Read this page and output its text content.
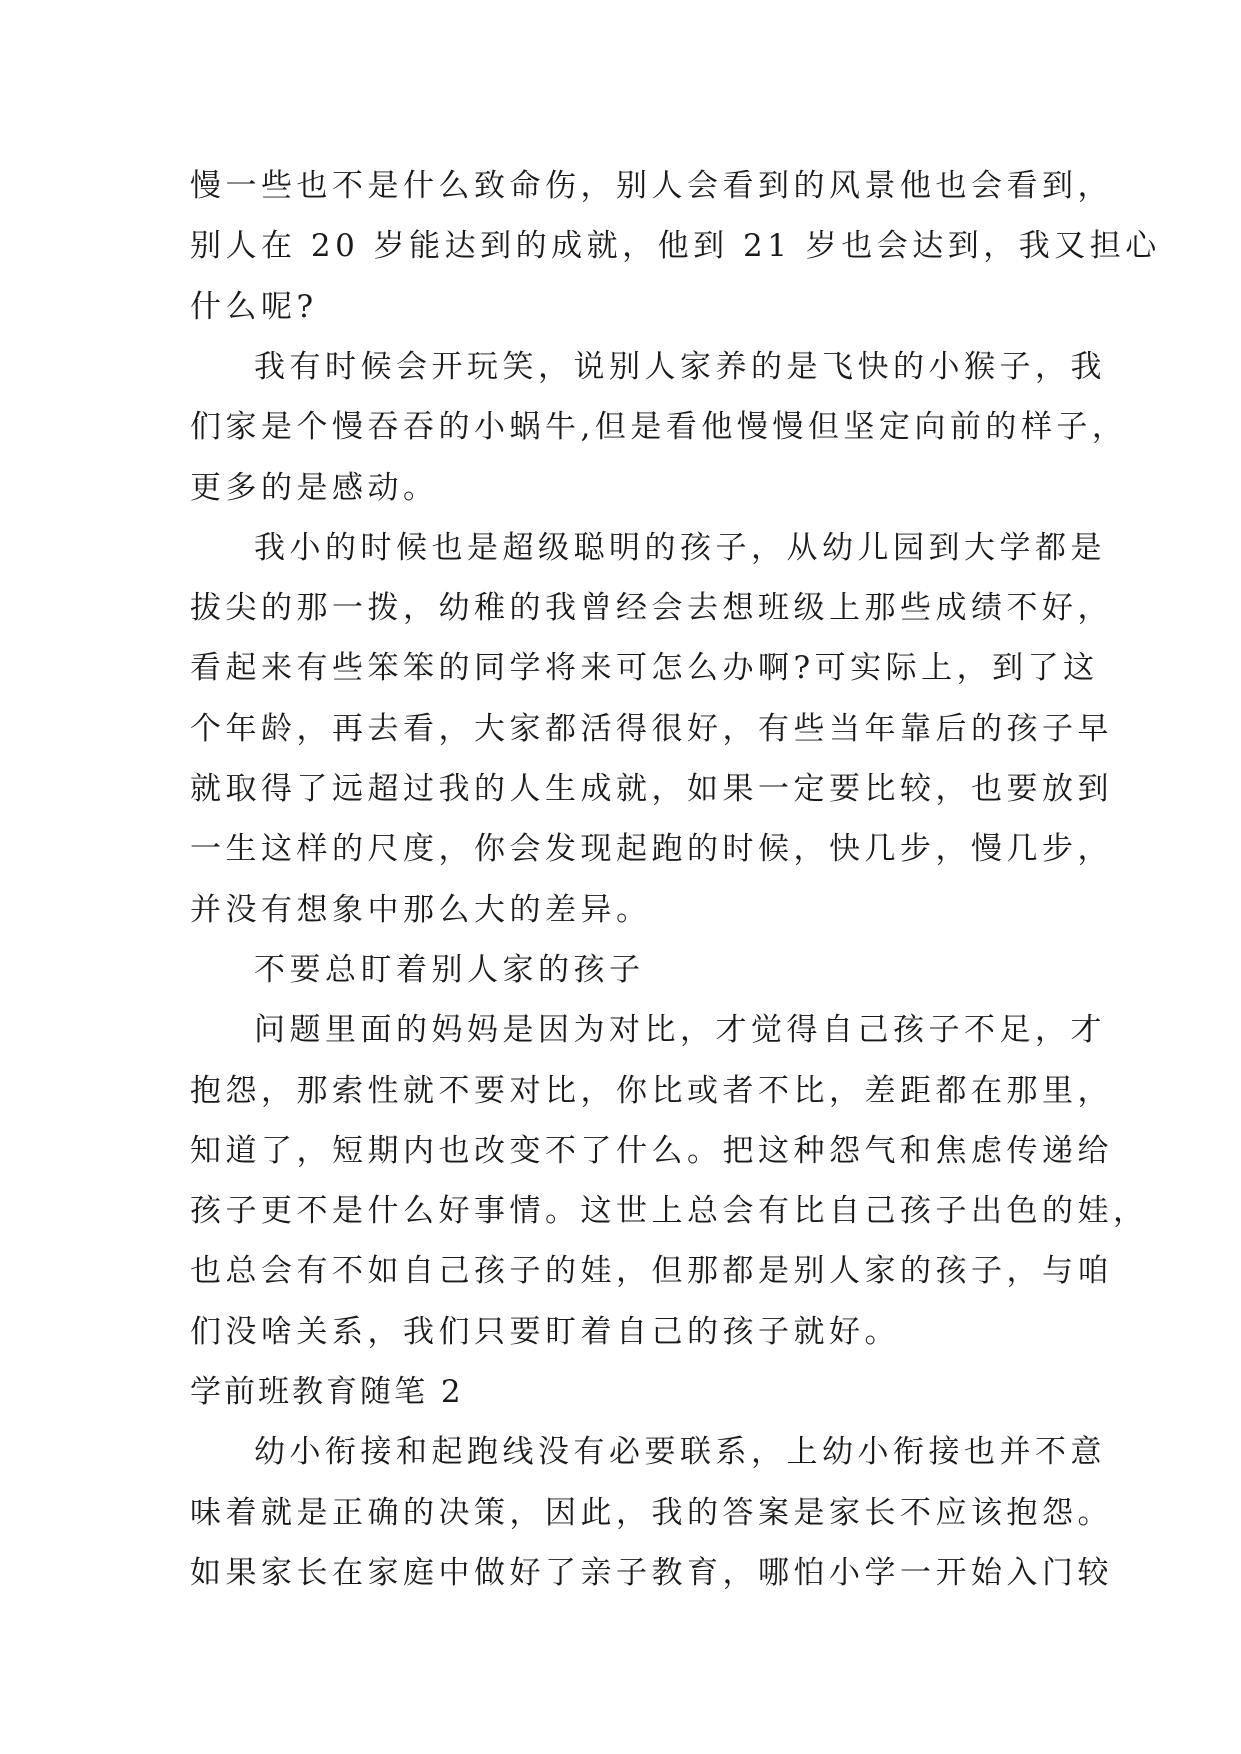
慢一些也不是什么致命伤，别人会看到的风景他也会看到，
别人在 20 岁能达到的成就，他到 21 岁也会达到，我又担心
什么呢?
我有时候会开玩笑，说别人家养的是飞快的小猴子，我
们家是个慢吞吞的小蜗牛,但是看他慢慢但坚定向前的样子，
更多的是感动。
我小的时候也是超级聪明的孩子，从幼儿园到大学都是
拔尖的那一拨，幼稚的我曾经会去想班级上那些成绩不好，
看起来有些笨笨的同学将来可怎么办啊?可实际上，到了这
个年龄，再去看，大家都活得很好，有些当年靠后的孩子早
就取得了远超过我的人生成就，如果一定要比较，也要放到
一生这样的尺度，你会发现起跑的时候，快几步，慢几步，
并没有想象中那么大的差异。
不要总盯着别人家的孩子
问题里面的妈妈是因为对比，才觉得自己孩子不足，才
抱怨，那索性就不要对比，你比或者不比，差距都在那里，
知道了，短期内也改变不了什么。把这种怨气和焦虑传递给
孩子更不是什么好事情。这世上总会有比自己孩子出色的娃，
也总会有不如自己孩子的娃，但那都是别人家的孩子，与咱
们没啥关系，我们只要盯着自己的孩子就好。
学前班教育随笔 2
幼小衔接和起跑线没有必要联系，上幼小衔接也并不意
味着就是正确的决策，因此，我的答案是家长不应该抱怨。
如果家长在家庭中做好了亲子教育，哪怕小学一开始入门较
